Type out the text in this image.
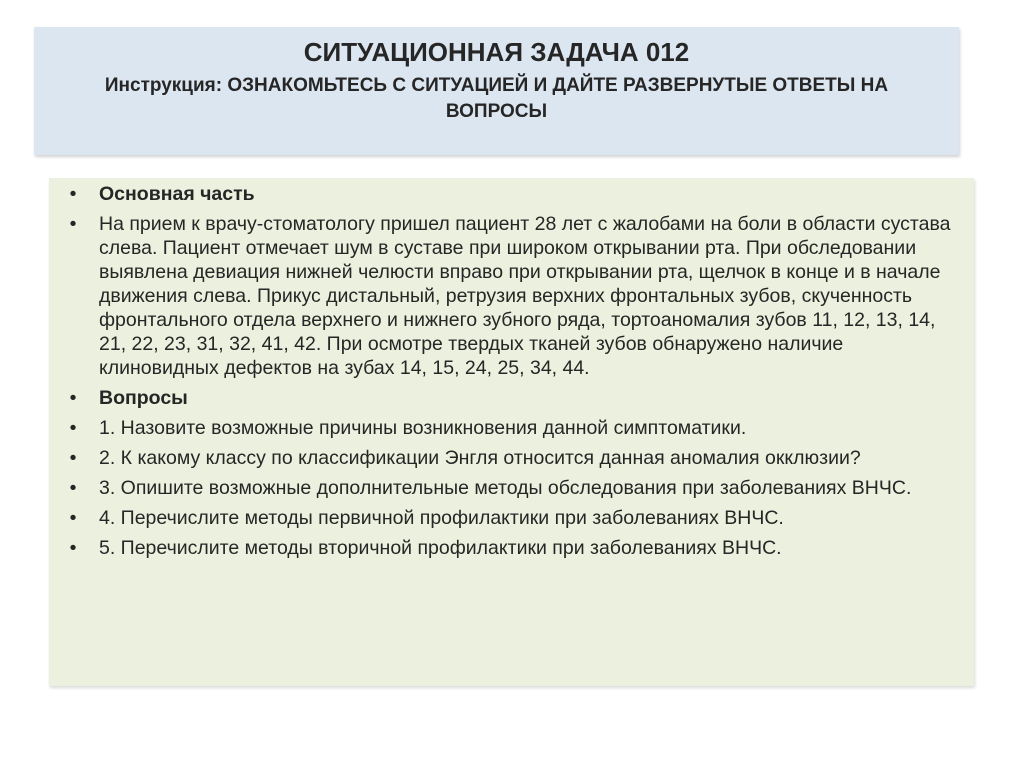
СИТУАЦИОННАЯ ЗАДАЧА 012

Инструкция: ОЗНАКОМЬТЕСЬ С СИТУАЦИЕЙ И ДАЙТЕ РАЗВЕРНУТЫЕ ОТВЕТЫ НА ВОПРОСЫ

•	Основная часть
•	На прием к врачу-стоматологу пришел пациент 28 лет с жалобами на боли в области сустава слева. Пациент отмечает шум в суставе при широком открывании рта. При обследовании выявлена девиация нижней челюсти вправо при открывании рта, щелчок в конце и в начале движения слева. Прикус дистальный, ретрузия верхних фронтальных зубов, скученность фронтального отдела верхнего и нижнего зубного ряда, тортоаномалия зубов 11, 12, 13, 14, 21, 22, 23, 31, 32, 41, 42. При осмотре твердых тканей зубов обнаружено наличие клиновидных дефектов на зубах 14, 15, 24, 25, 34, 44.
•	Вопросы
•	1. Назовите возможные причины возникновения данной симптоматики.
•	2. К какому классу по классификации Энгля относится данная аномалия окклюзии?
•	3. Опишите возможные дополнительные методы обследования при заболеваниях ВНЧС.
•	4. Перечислите методы первичной профилактики при заболеваниях ВНЧС.
•	5. Перечислите методы вторичной профилактики при заболеваниях ВНЧС.
